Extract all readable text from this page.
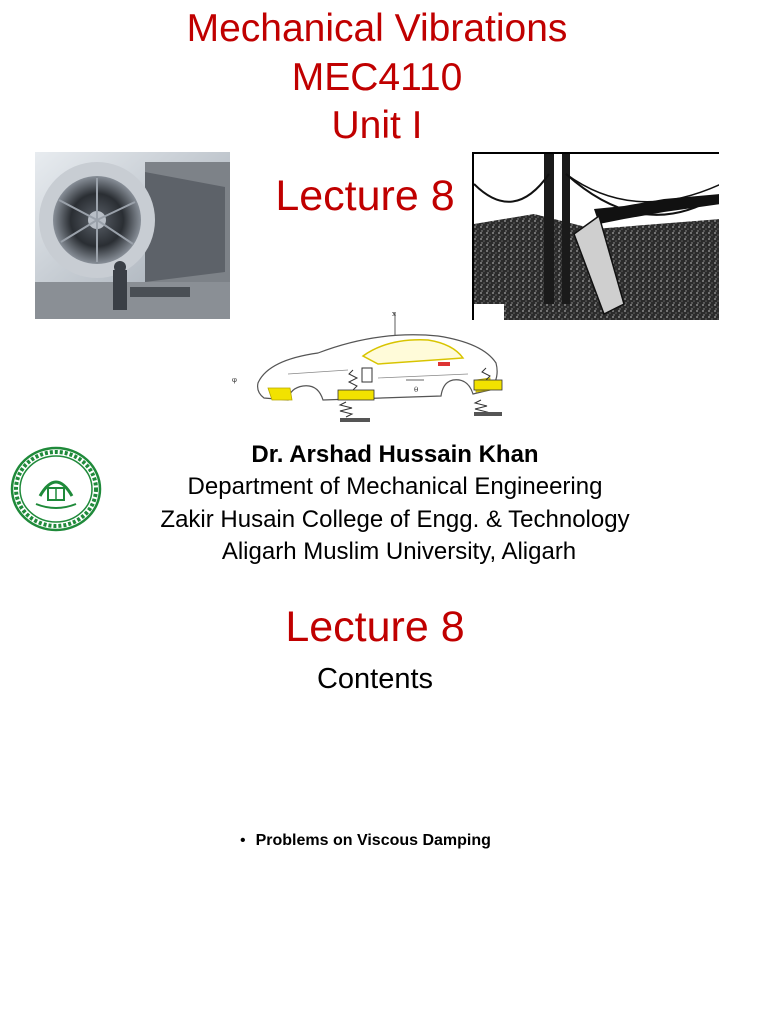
Mechanical Vibrations
MEC4110
Unit I
Lecture 8
x
φ
θ
Dr. Arshad Hussain Khan
Department of Mechanical Engineering
Zakir Husain College of Engg. & Technology
Aligarh Muslim University, Aligarh
Lecture 8
Contents
• Problems on Viscous Damping
